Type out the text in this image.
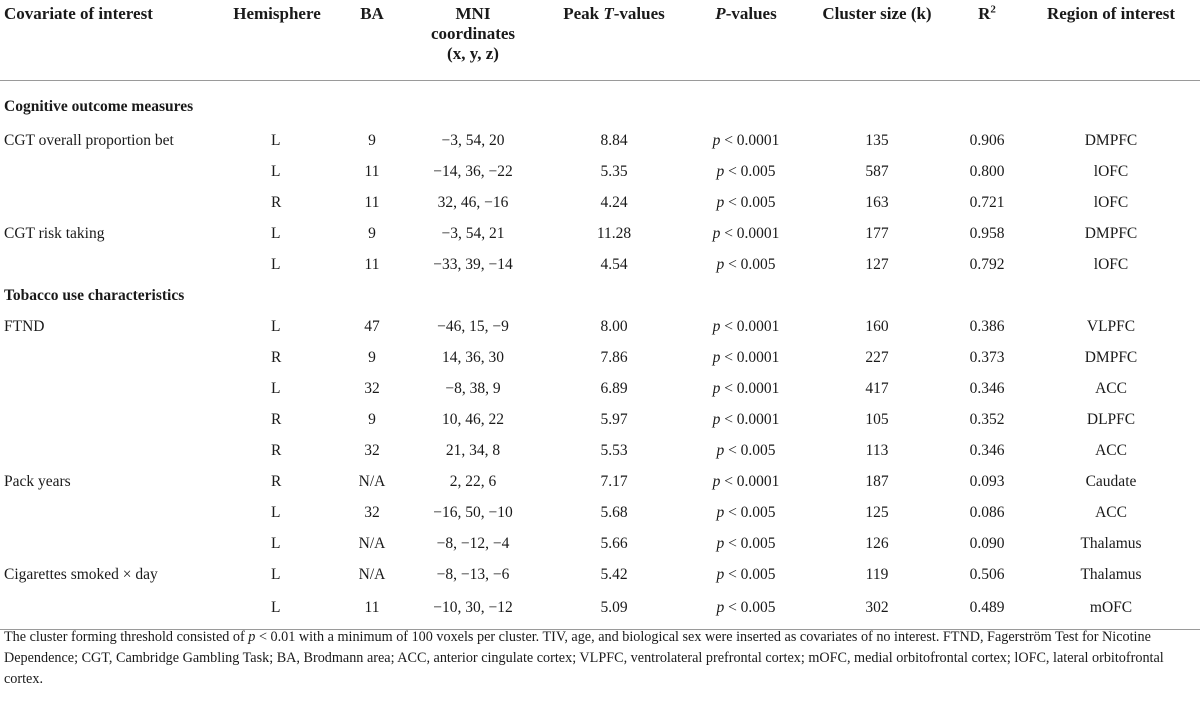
Covariate of interest	Hemisphere	BA	MNI
coordinates
(x, y, z)	Peak T-values	P-values	Cluster size (k)	$R^2$	Region of interest
Cognitive outcome measures								
CGT overall proportion bet	L	9	−3, 54, 20	8.84	p < 0.0001	135	0.906	DMPFC
	L	11	−14, 36, −22	5.35	p < 0.005	587	0.800	lOFC
	R	11	32, 46, −16	4.24	p < 0.005	163	0.721	lOFC
CGT risk taking	L	9	−3, 54, 21	11.28	p < 0.0001	177	0.958	DMPFC
	L	11	−33, 39, −14	4.54	p < 0.005	127	0.792	lOFC
Tobacco use characteristics								
FTND	L	47	−46, 15, −9	8.00	p < 0.0001	160	0.386	VLPFC
	R	9	14, 36, 30	7.86	p < 0.0001	227	0.373	DMPFC
	L	32	−8, 38, 9	6.89	p < 0.0001	417	0.346	ACC
	R	9	10, 46, 22	5.97	p < 0.0001	105	0.352	DLPFC
	R	32	21, 34, 8	5.53	p < 0.005	113	0.346	ACC
Pack years	R	N/A	2, 22, 6	7.17	p < 0.0001	187	0.093	Caudate
	L	32	−16, 50, −10	5.68	p < 0.005	125	0.086	ACC
	L	N/A	−8, −12, −4	5.66	p < 0.005	126	0.090	Thalamus
Cigarettes smoked × day	L	N/A	−8, −13, −6	5.42	p < 0.005	119	0.506	Thalamus
	L	11	−10, 30, −12	5.09	p < 0.005	302	0.489	mOFC
The cluster forming threshold consisted of p < 0.01 with a minimum of 100 voxels per cluster. TIV, age, and biological sex were inserted as covariates of no interest. FTND, Fagerström Test for Nicotine Dependence; CGT, Cambridge Gambling Task; BA, Brodmann area; ACC, anterior cingulate cortex; VLPFC, ventrolateral prefrontal cortex; mOFC, medial orbitofrontal cortex; lOFC, lateral orbitofrontal cortex.
